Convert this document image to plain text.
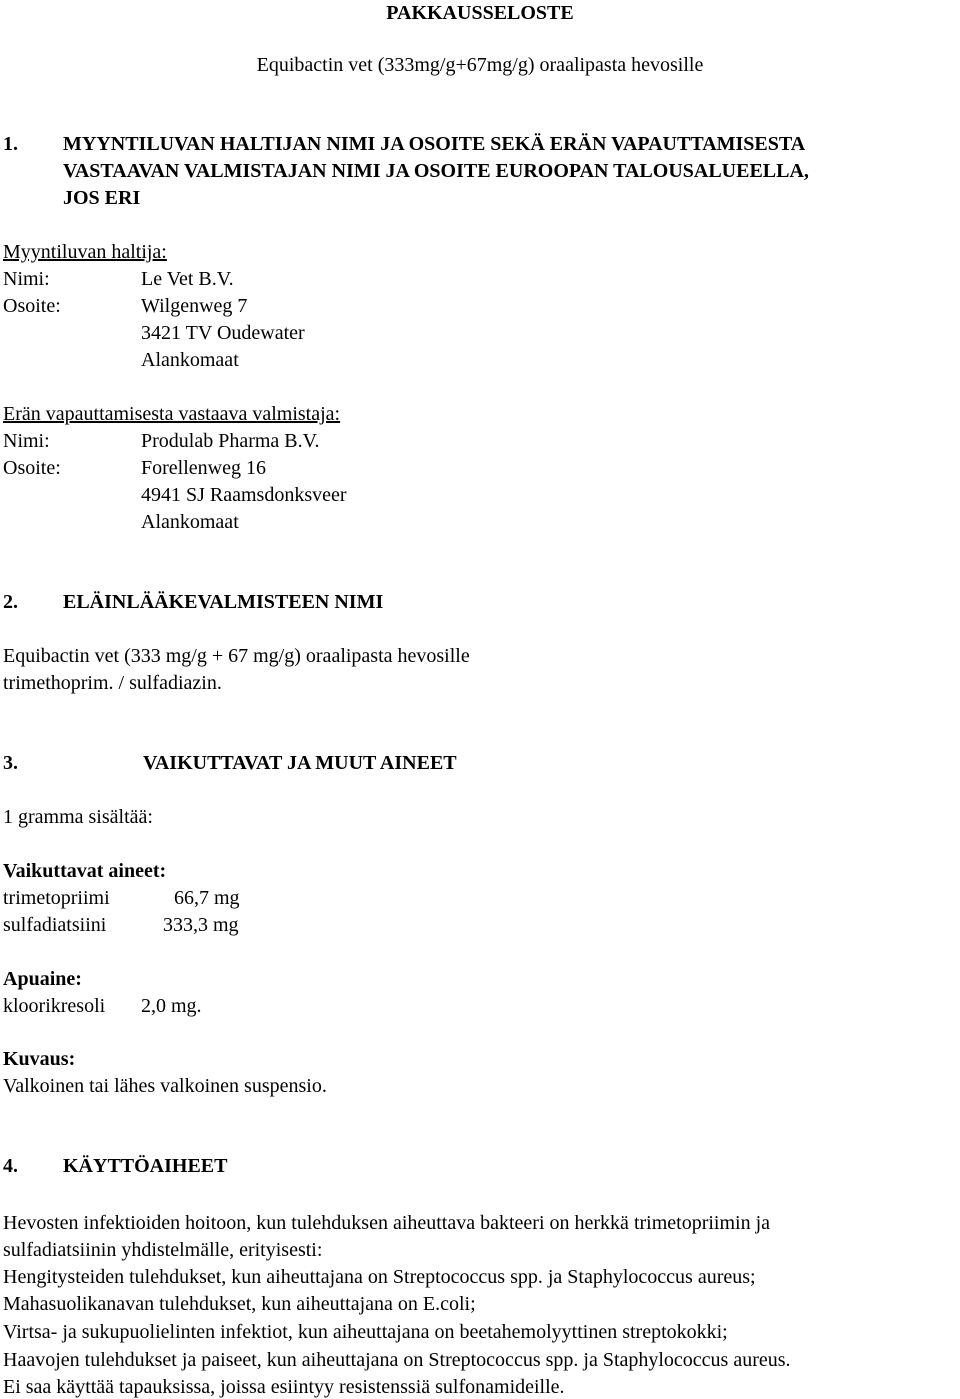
PAKKAUSSELOSTE
Equibactin vet (333mg/g+67mg/g) oraalipasta hevosille
1. MYYNTILUVAN HALTIJAN NIMI JA OSOITE SEKÄ ERÄN VAPAUTTAMISESTA
VASTAAVAN VALMISTAJAN NIMI JA OSOITE EUROOPAN TALOUSALUEELLA,
JOS ERI
Myyntiluvan haltija:
Nimi:	Le Vet B.V.
Osoite:	Wilgenweg 7
3421 TV Oudewater
Alankomaat
Erän vapauttamisesta vastaava valmistaja:
Nimi:	Produlab Pharma B.V.
Osoite:	Forellenweg 16
4941 SJ Raamsdonksveer
Alankomaat
2. ELÄINLÄÄKEVALMISTEEN NIMI
Equibactin vet (333 mg/g + 67 mg/g) oraalipasta hevosille
trimethoprim. / sulfadiazin.
3.	VAIKUTTAVAT JA MUUT AINEET
1 gramma sisältää:
Vaikuttavat aineet:
trimetopriimi	66,7 mg
sulfadiatsiini	333,3 mg
Apuaine:
kloorikresoli 2,0 mg.
Kuvaus:
Valkoinen tai lähes valkoinen suspensio.
4. KÄYTTÖAIHEET
Hevosten infektioiden hoitoon, kun tulehduksen aiheuttava bakteeri on herkkä trimetopriimin ja
sulfadiatsiinin yhdistelmälle, erityisesti:
Hengitysteiden tulehdukset, kun aiheuttajana on Streptococcus spp. ja Staphylococcus aureus;
Mahasuolikanavan tulehdukset, kun aiheuttajana on E.coli;
Virtsa- ja sukupuolielinten infektiot, kun aiheuttajana on beetahemolyyttinen streptokokki;
Haavojen tulehdukset ja paiseet, kun aiheuttajana on Streptococcus spp. ja Staphylococcus aureus.
Ei saa käyttää tapauksissa, joissa esiintyy resistenssiä sulfonamideille.
